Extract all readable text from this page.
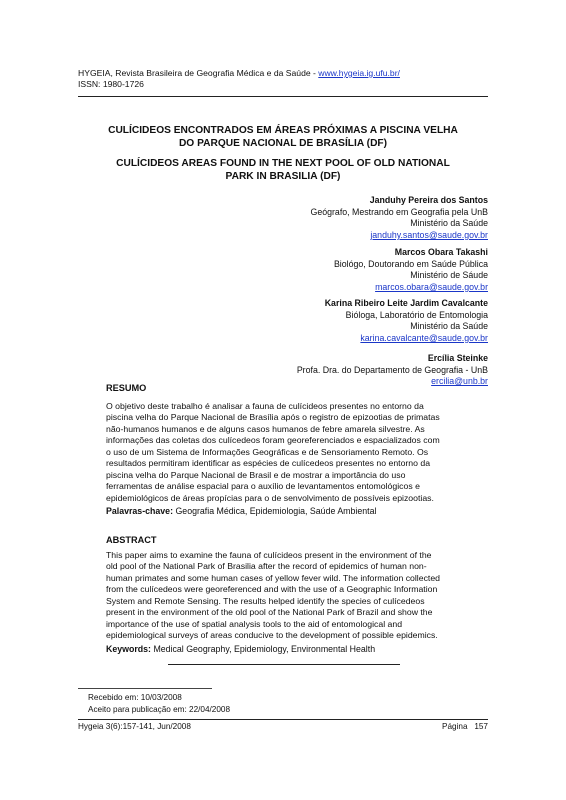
HYGEIA, Revista Brasileira de Geografia Médica e da Saúde - www.hygeia.ig.ufu.br/
ISSN: 1980-1726
CULÍCIDEOS ENCONTRADOS EM ÁREAS PRÓXIMAS A PISCINA VELHA
DO PARQUE NACIONAL DE BRASÍLIA (DF)
CULÍCIDEOS AREAS FOUND IN THE NEXT POOL OF OLD NATIONAL
PARK IN BRASILIA (DF)
Janduhy Pereira dos Santos
Geógrafo, Mestrando em Geografia pela UnB
Ministério da Saúde
janduhy.santos@saude.gov.br
Marcos Obara Takashi
Biológo, Doutorando em Saúde Pública
Ministério de Sáude
marcos.obara@saude.gov.br
Karina Ribeiro Leite Jardim Cavalcante
Bióloga, Laboratório de Entomologia
Ministério da Saúde
karina.cavalcante@saude.gov.br
Ercília Steinke
Profa. Dra. do Departamento de Geografia - UnB
ercilia@unb.br
RESUMO
O objetivo deste trabalho é analisar a fauna de culícideos presentes no entorno da
piscina velha do Parque Nacional de Brasília após o registro de epizootias de primatas
não-humanos humanos e de alguns casos humanos de febre amarela silvestre. As
informações das coletas dos culícedeos foram georeferenciados e espacializados com
o uso de um Sistema de Informações Geográficas e de Sensoriamento Remoto. Os
resultados permitiram identificar as espécies de culícedeos presentes no entorno da
piscina velha do Parque Nacional de Brasil e de mostrar a importância do uso
ferramentas de análise espacial para o auxílio de levantamentos entomológicos e
epidemiológicos de áreas propícias para o de senvolvimento de possíveis epizootias.
Palavras-chave: Geografia Médica, Epidemiologia, Saúde Ambiental
ABSTRACT
This paper aims to examine the fauna of culícideos present in the environment of the
old pool of the National Park of Brasilia after the record of epidemics of human non-
human primates and some human cases of yellow fever wild. The information collected
from the culícedeos were georeferenced and with the use of a Geographic Information
System and Remote Sensing. The results helped identify the species of culícedeos
present in the environment of the old pool of the National Park of Brazil and show the
importance of the use of spatial analysis tools to the aid of entomological and
epidemiological surveys of areas conducive to the development of possible epidemics.
Keywords: Medical Geography, Epidemiology, Environmental Health
Recebido em: 10/03/2008
Aceito para publicação em: 22/04/2008
Hygeia 3(6):157-141, Jun/2008	Página 157
